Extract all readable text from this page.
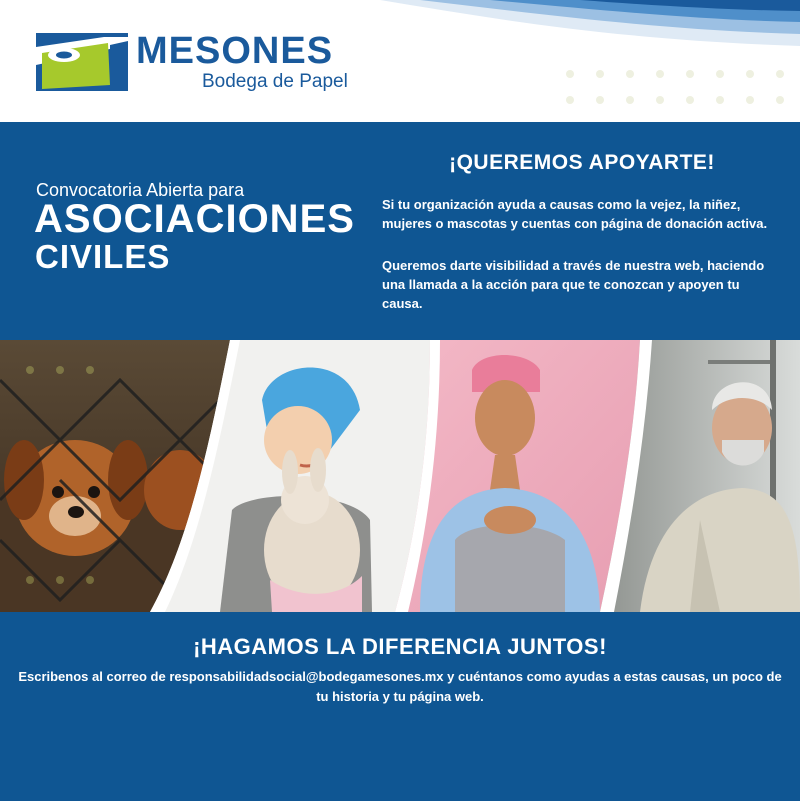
MESONES
Bodega de Papel
Convocatoria Abierta para
ASOCIACIONES
CIVILES
¡QUEREMOS APOYARTE!
Si tu organización ayuda a causas como la vejez, la niñez, mujeres o mascotas y cuentas con página de donación activa.
Queremos darte visibilidad a través de nuestra web, haciendo una llamada a la acción para que te conozcan y apoyen tu causa.
¡HAGAMOS LA DIFERENCIA JUNTOS!
Escribenos al correo de responsabilidadsocial@bodegamesones.mx y cuéntanos como ayudas a estas causas, un poco de tu historia y tu página web.
